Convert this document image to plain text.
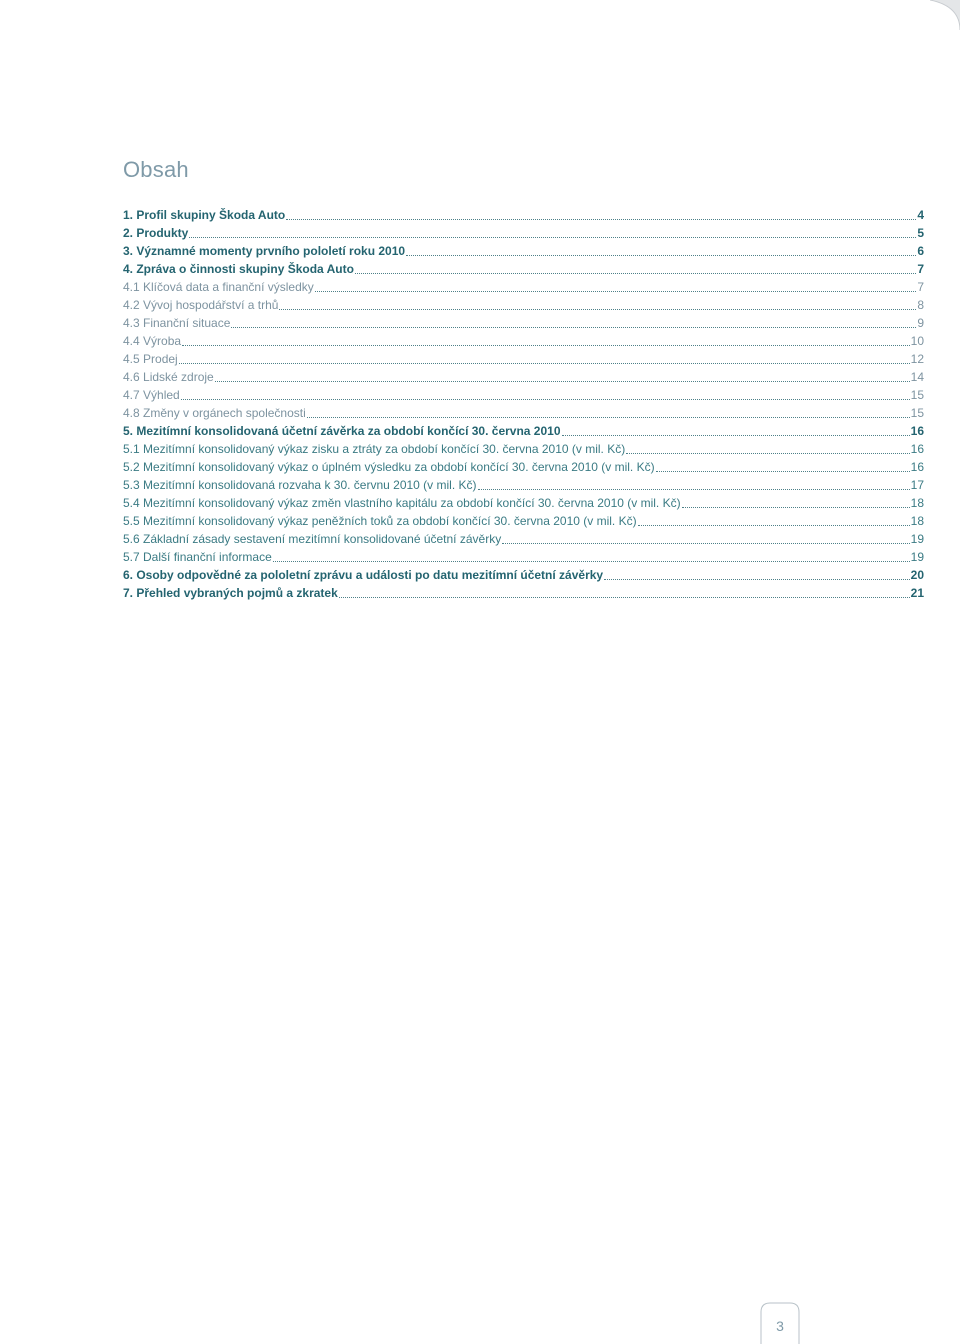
Obsah
1. Profil skupiny Škoda Auto	4
2. Produkty	5
3. Významné momenty prvního pololetí roku 2010	6
4. Zpráva o činnosti skupiny Škoda Auto	7
4.1 Klíčová data a finanční výsledky	7
4.2 Vývoj hospodářství a trhů	8
4.3 Finanční situace	9
4.4 Výroba	10
4.5 Prodej	12
4.6 Lidské zdroje	14
4.7 Výhled	15
4.8 Změny v orgánech společnosti	15
5. Mezitímní konsolidovaná účetní závěrka za období končící 30. června 2010	16
5.1 Mezitímní konsolidovaný výkaz zisku a ztráty za období končící 30. června 2010 (v mil. Kč)	16
5.2 Mezitímní konsolidovaný výkaz o úplném výsledku za období končící 30. června 2010 (v mil. Kč)	16
5.3 Mezitímní konsolidovaná rozvaha k 30. červnu 2010 (v mil. Kč)	17
5.4 Mezitímní konsolidovaný výkaz změn vlastního kapitálu za období končící 30. června 2010 (v mil. Kč)	18
5.5 Mezitímní konsolidovaný výkaz peněžních toků za období končící 30. června 2010 (v mil. Kč)	18
5.6 Základní zásady sestavení mezitímní konsolidované účetní závěrky	19
5.7 Další finanční informace	19
6. Osoby odpovědné za pololetní zprávu a události po datu mezitímní účetní závěrky	20
7. Přehled vybraných pojmů a zkratek	21
3
